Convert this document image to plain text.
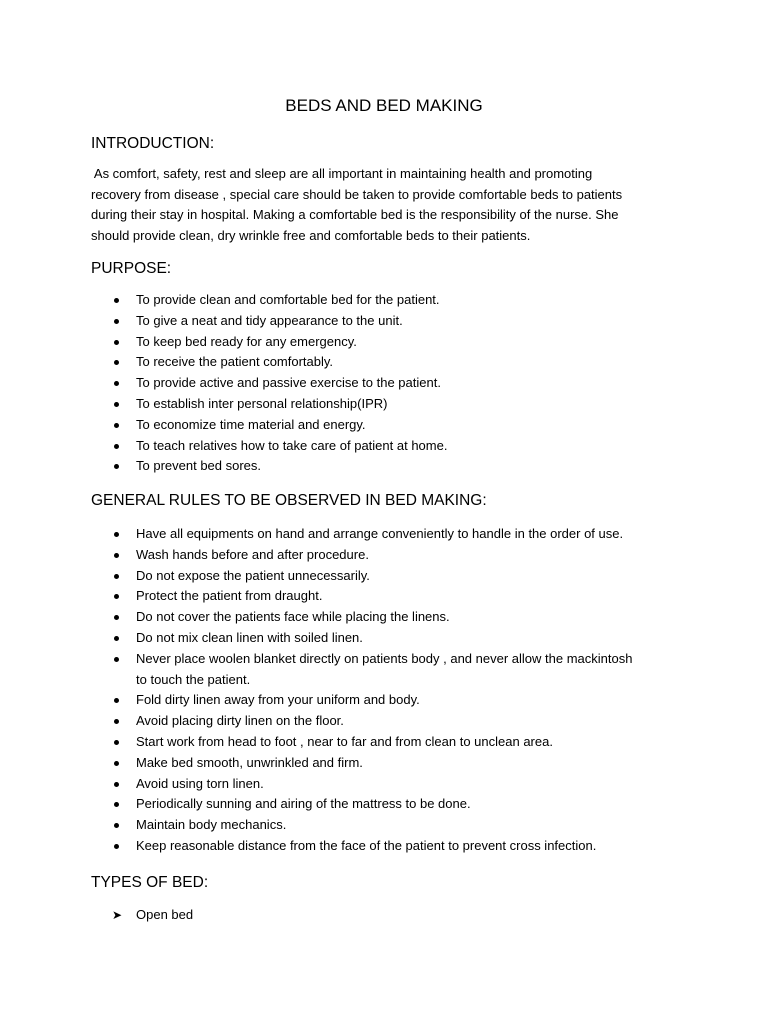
BEDS AND BED MAKING
INTRODUCTION:

As comfort, safety, rest and sleep are all important in maintaining health and promoting
recovery from disease , special care should be taken to provide comfortable beds to patients
during their stay in hospital. Making a comfortable bed is the responsibility of the nurse. She
should provide clean, dry wrinkle free and comfortable beds to their patients.

PURPOSE:
To provide clean and comfortable bed for the patient.
To give a neat and tidy appearance to the unit.
To keep bed ready for any emergency.
To receive the patient comfortably.
To provide active and passive exercise to the patient.
To establish inter personal relationship(IPR)
To economize time material and energy.
To teach relatives how to take care of patient at home.
To prevent bed sores.
GENERAL RULES TO BE OBSERVED IN BED MAKING:
Have all equipments on hand and arrange conveniently to handle in the order of use.
Wash hands before and after procedure.
Do not expose the patient unnecessarily.
Protect the patient from draught.
Do not cover the patients face while placing the linens.
Do not mix clean linen with soiled linen.
Never place woolen blanket directly on patients body , and never allow the mackintosh
to touch the patient.
Fold dirty linen away from your uniform and body.
Avoid placing dirty linen on the floor.
Start work from head to foot , near to far and from clean to unclean area.
Make bed smooth, unwrinkled and firm.
Avoid using torn linen.
Periodically sunning and airing of the mattress to be done.
Maintain body mechanics.
Keep reasonable distance from the face of the patient to prevent cross infection.
TYPES OF BED:
➤ Open bed
